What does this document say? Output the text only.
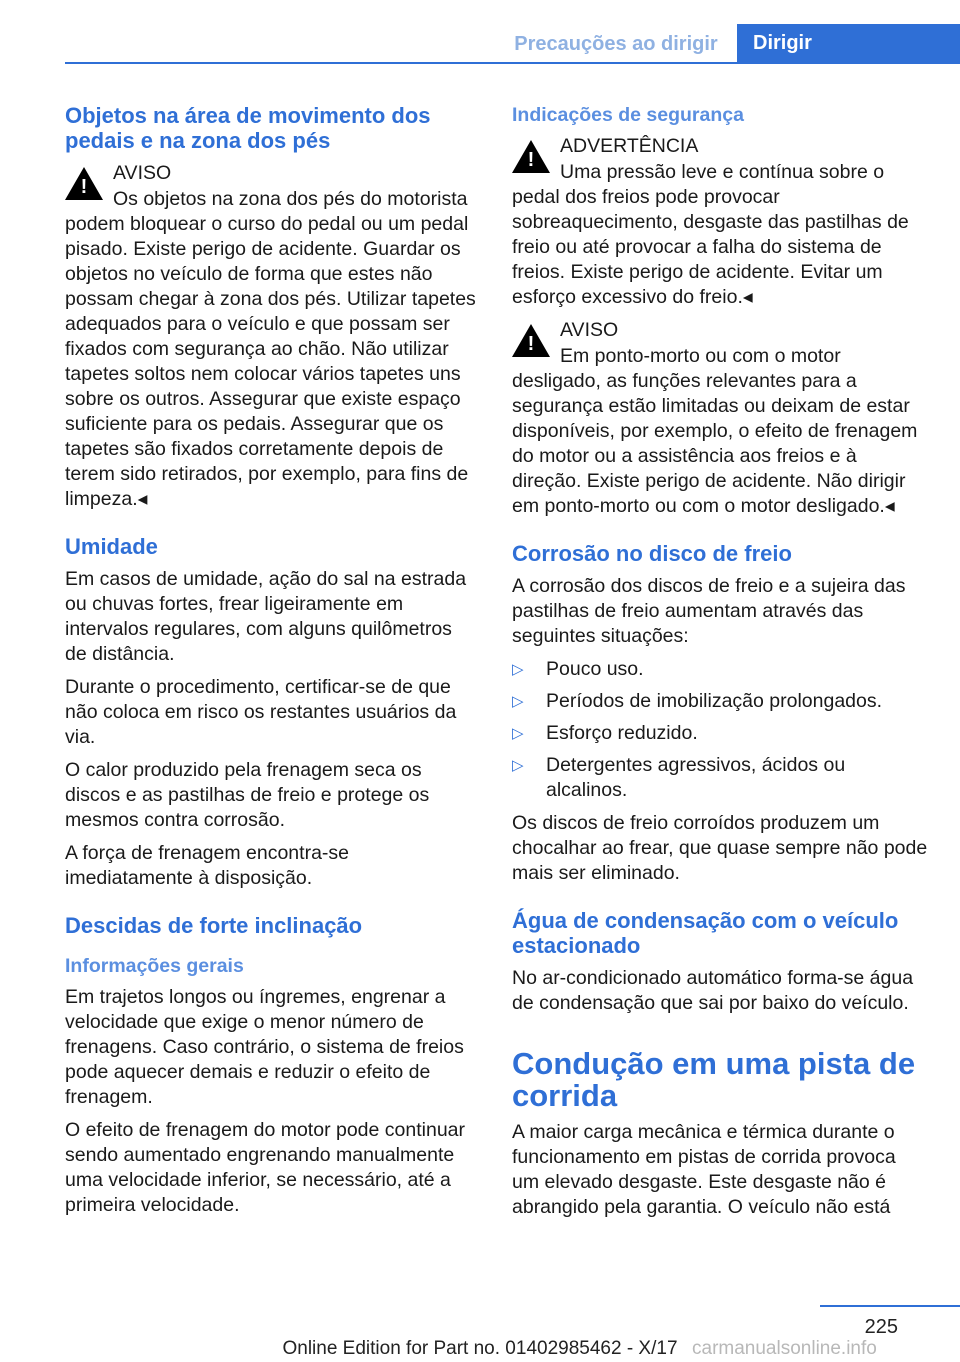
Precauções ao dirigir	Dirigir
Objetos na área de movimento dos pedais e na zona dos pés
!

AVISO

Os objetos na zona dos pés do motorista podem bloquear o curso do pedal ou um pedal pisado. Existe perigo de acidente. Guardar os objetos no veículo de forma que estes não possam chegar à zona dos pés. Utilizar tapetes adequados para o veículo e que possam ser fixados com segurança ao chão. Não utilizar tapetes soltos nem colocar vários tapetes uns sobre os outros. Assegurar que existe espaço suficiente para os pedais. Assegurar que os tapetes são fixados corretamente depois de terem sido retirados, por exemplo, para fins de limpeza.◂

Umidade

Em casos de umidade, ação do sal na estrada ou chuvas fortes, frear ligeiramente em intervalos regulares, com alguns quilômetros de distância.

Durante o procedimento, certificar-se de que não coloca em risco os restantes usuários da via.

O calor produzido pela frenagem seca os discos e as pastilhas de freio e protege os mesmos contra corrosão.

A força de frenagem encontra-se imediatamente à disposição.

Descidas de forte inclinação
Informações gerais

Em trajetos longos ou íngremes, engrenar a velocidade que exige o menor número de frenagens. Caso contrário, o sistema de freios pode aquecer demais e reduzir o efeito de frenagem.

O efeito de frenagem do motor pode continuar sendo aumentado engrenando manualmente uma velocidade inferior, se necessário, até a primeira velocidade.

Indicações de segurança
!

ADVERTÊNCIA

Uma pressão leve e contínua sobre o pedal dos freios pode provocar sobreaquecimento, desgaste das pastilhas de freio ou até provocar a falha do sistema de freios. Existe perigo de acidente. Evitar um esforço excessivo do freio.◂

!

AVISO

Em ponto-morto ou com o motor desligado, as funções relevantes para a segurança estão limitadas ou deixam de estar disponíveis, por exemplo, o efeito de frenagem do motor ou a assistência aos freios e à direção. Existe perigo de acidente. Não dirigir em ponto-morto ou com o motor desligado.◂

Corrosão no disco de freio

A corrosão dos discos de freio e a sujeira das pastilhas de freio aumentam através das seguintes situações:

▷ Pouco uso.
▷ Períodos de imobilização prolongados.
▷ Esforço reduzido.
▷ Detergentes agressivos, ácidos ou alcalinos.

Os discos de freio corroídos produzem um chocalhar ao frear, que quase sempre não pode mais ser eliminado.

Água de condensação com o veículo estacionado

No ar-condicionado automático forma-se água de condensação que sai por baixo do veículo.

Condução em uma pista de corrida

A maior carga mecânica e térmica durante o funcionamento em pistas de corrida provoca um elevado desgaste. Este desgaste não é abrangido pela garantia. O veículo não está

225
Online Edition for Part no. 01402985462 - X/17 carmanualsonline.info
